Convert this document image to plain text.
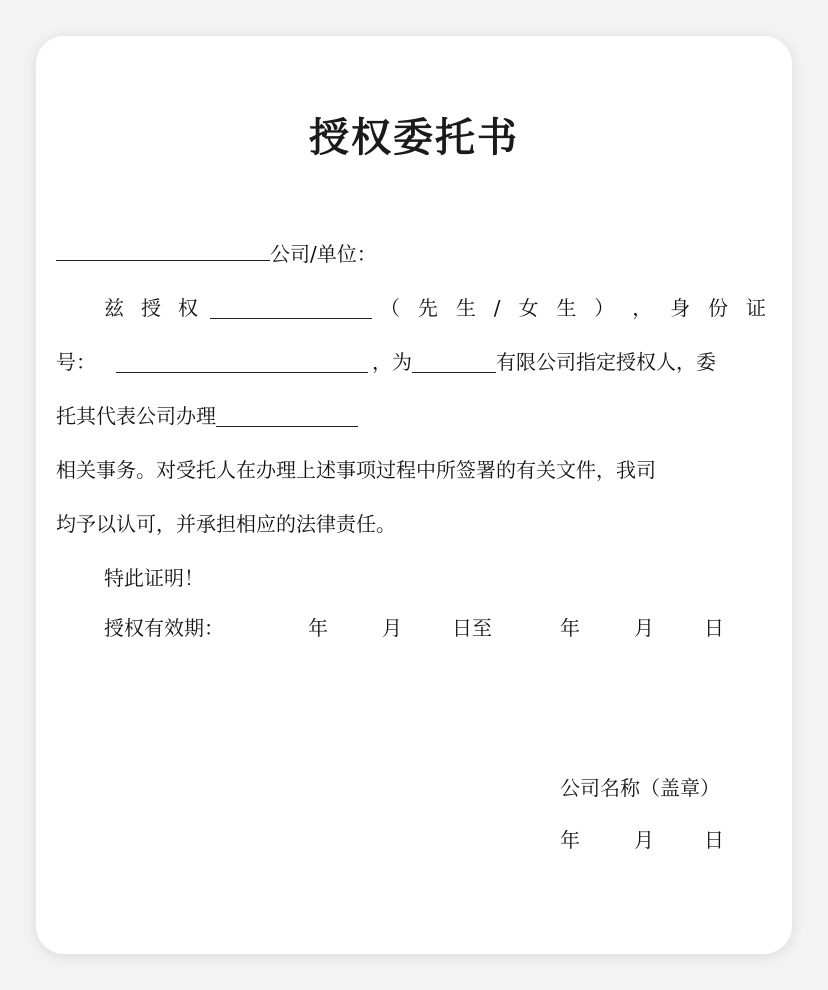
授权委托书
公司/单位：
兹 授 权	（ 先 生 / 女 生 ） ， 身 份 证
号：	，为	有限公司指定授权人，委
托其代表公司办理
相关事务。对受托人在办理上述事项过程中所签署的有关文件，我司
均予以认可，并承担相应的法律责任。
特此证明！
授权有效期：	年	月	日至	年	月	日
公司名称（盖章）
年	月	日
